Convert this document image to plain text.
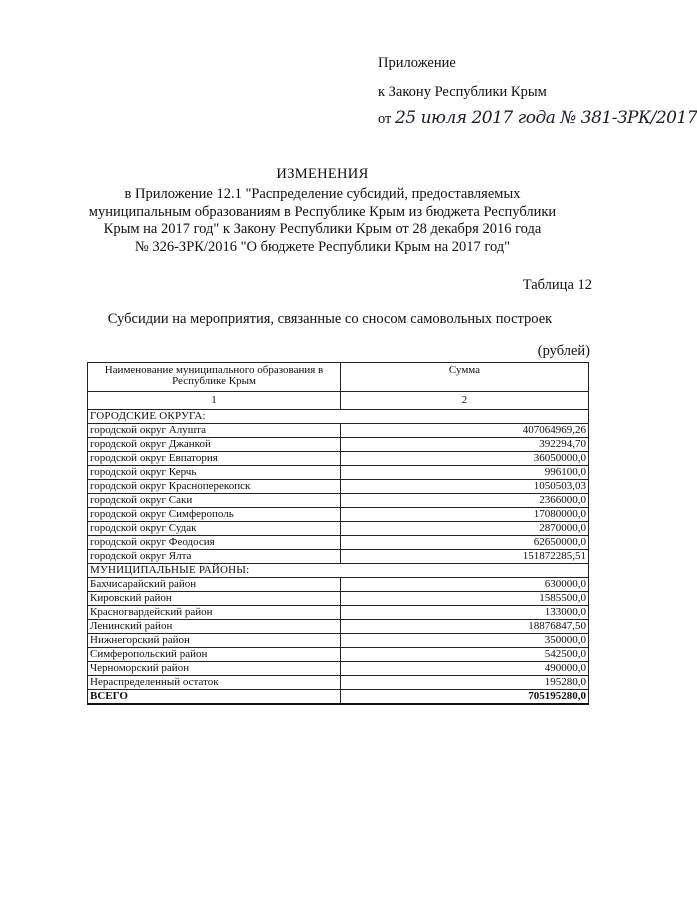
Приложение
к Закону Республики Крым
от 25 июля 2017 года № 381-ЗРК/2017
ИЗМЕНЕНИЯ
в Приложение 12.1 "Распределение субсидий, предоставляемых
муниципальным образованиям в Республике Крым из бюджета Республики
Крым на 2017 год" к Закону Республики Крым от 28 декабря 2016 года
№ 326-ЗРК/2016 "О бюджете Республики Крым на 2017 год"
Таблица 12
Субсидии на мероприятия, связанные со сносом самовольных построек
(рублей)
Наименование муниципального образования в Республике Крым	Сумма
1	2
ГОРОДСКИЕ ОКРУГА:	
городской округ Алушта	407064969,26
городской округ Джанкой	392294,70
городской округ Евпатория	36050000,0
городской округ Керчь	996100,0
городской округ Красноперекопск	1050503,03
городской округ Саки	2366000,0
городской округ Симферополь	17080000,0
городской округ Судак	2870000,0
городской округ Феодосия	62650000,0
городской округ Ялта	151872285,51
МУНИЦИПАЛЬНЫЕ РАЙОНЫ:	
Бахчисарайский район	630000,0
Кировский район	1585500,0
Красногвардейский район	133000,0
Ленинский район	18876847,50
Нижнегорский район	350000,0
Симферопольский район	542500,0
Черноморский район	490000,0
Нераспределенный остаток	195280,0
ВСЕГО	705195280,0
